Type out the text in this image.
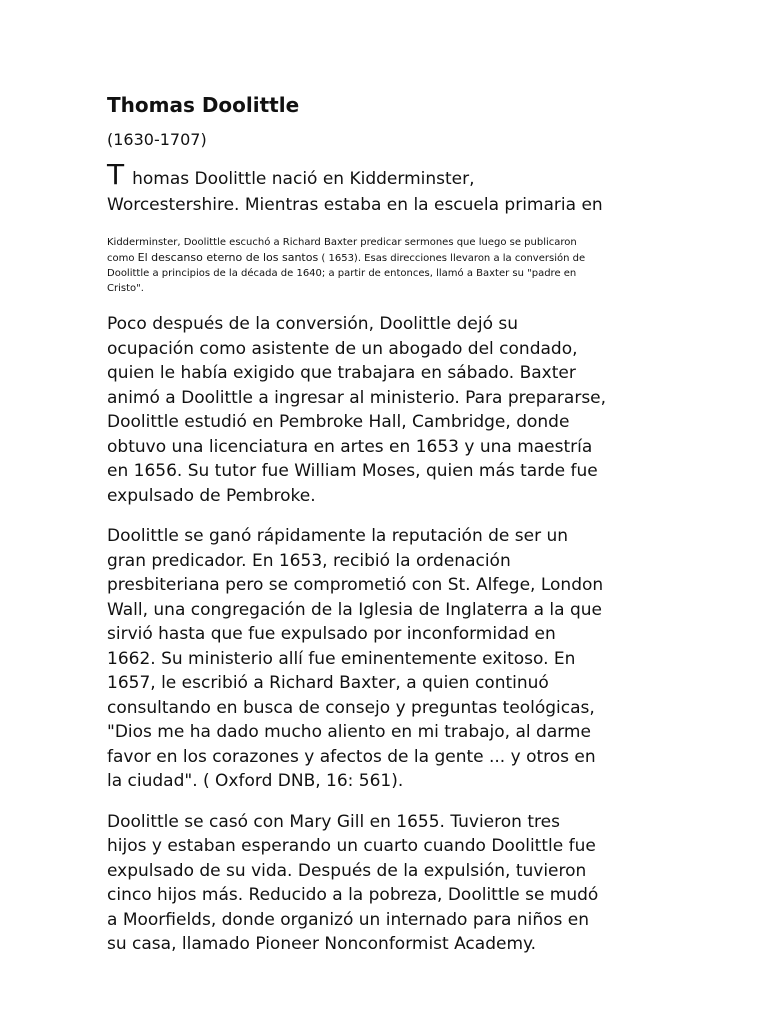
Thomas Doolittle

(1630-1707)

Thomas Doolittle nació en Kidderminster,
Worcestershire. Mientras estaba en la escuela primaria en

Kidderminster, Doolittle escuchó a Richard Baxter predicar sermones que luego se publicaron
como El descanso eterno de los santos ( 1653). Esas direcciones llevaron a la conversión de
Doolittle a principios de la década de 1640; a partir de entonces, llamó a Baxter su "padre en
Cristo".

Poco después de la conversión, Doolittle dejó su
ocupación como asistente de un abogado del condado,
quien le había exigido que trabajara en sábado. Baxter
animó a Doolittle a ingresar al ministerio. Para prepararse,
Doolittle estudió en Pembroke Hall, Cambridge, donde
obtuvo una licenciatura en artes en 1653 y una maestría
en 1656. Su tutor fue William Moses, quien más tarde fue
expulsado de Pembroke.

Doolittle se ganó rápidamente la reputación de ser un
gran predicador. En 1653, recibió la ordenación
presbiteriana pero se comprometió con St. Alfege, London
Wall, una congregación de la Iglesia de Inglaterra a la que
sirvió hasta que fue expulsado por inconformidad en
1662. Su ministerio allí fue eminentemente exitoso. En
1657, le escribió a Richard Baxter, a quien continuó
consultando en busca de consejo y preguntas teológicas,
"Dios me ha dado mucho aliento en mi trabajo, al darme
favor en los corazones y afectos de la gente ... y otros en
la ciudad". ( Oxford DNB, 16: 561).

Doolittle se casó con Mary Gill en 1655. Tuvieron tres
hijos y estaban esperando un cuarto cuando Doolittle fue
expulsado de su vida. Después de la expulsión, tuvieron
cinco hijos más. Reducido a la pobreza, Doolittle se mudó
a Moorfields, donde organizó un internado para niños en
su casa, llamado Pioneer Nonconformist Academy.
